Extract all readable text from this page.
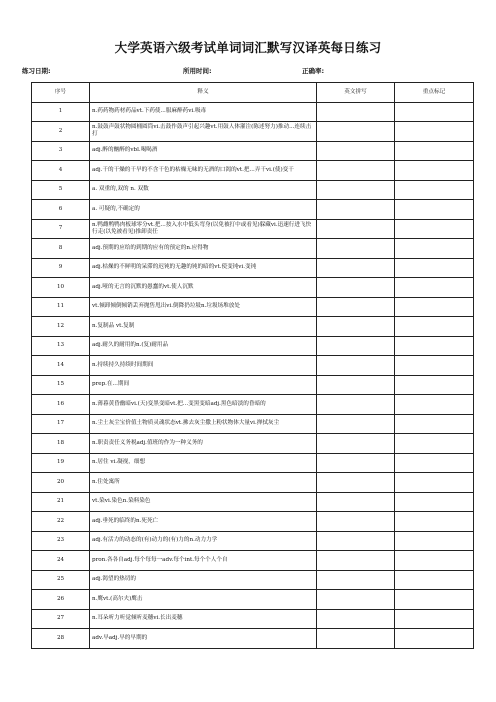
大学英语六级考试单词词汇默写汉译英每日练习
练习日期:	所用时间:	正确率:
序号	释义	英文拼写	重点标记
1	n.药药物药材药品vt.下药使...服麻醉药vi.吸毒		
2	n.鼓鼓声鼓状物圆桶圆筒vi.击鼓作鼓声引起兴趣vt.用鼓人体灌注(陈述努力)推动...连续击打		
3	adj.醉的酗醉的vbl.喝喝酒		
4	adj.干的干燥的干旱的不含干色的枯燥无味的无酒的口渴的vt.把...弄干vi.(使)变干		
5	a. 双重的,双的 n. 双数		
6	a. 可疑的,不确定的		
7	n.鸭雌鸭鸭肉板球零分vt.把...按入水中低头弯身(以免被打中或看见)躲藏vi.迅速行进飞快行走(以免被看见)推卸责任		
8	adj.预期的应给的到期的应有的预定的n.应得物		
9	adj.枯燥的不鲜明的呆滞的迟钝的无趣的钝的暗的vt.使变钝vi.变钝		
10	adj.哑的无言的沉默的愚蠢的vt.使人沉默		
11	vt.倾卸倾倒倾销丢弃抛售甩出vi.倒降扔垃圾n.垃圾场堆放处		
12	n.复制品 vt.复制		
13	adj.耐久的耐用的n.(复)耐用品		
14	n.持续持久持续时间期间		
15	prep.在...期间		
16	n.薄暮黄昏幽暗vi.(天)变黑变暗vt.把...变黑变暗adj.黑色暗淡的昏暗的		
17	n.尘土灰尘宝价值土物质灵魂状态vt.拂去灰尘撒上粉状物体大量vi.掸拭灰尘		
18	n.职责责任义务税adj.值班的作为一种义务的		
19	n.居住 vi.凝视，细想		
20	n.住处寓所		
21	vt.染vi.染色n.染料染色		
22	adj.垂死的临终的n.死死亡		
23	adj.有活力的动态的(有)动力的(有)力的n.动力力学		
24	pron.各各自adj.每个每每一adv.每个int.每个个人个自		
25	adj.渴望的热切的		
26	n.鹰vt.(高尔夫)鹰击		
27	n.耳朵听力听觉倾听麦穗vi.长出麦穗		
28	adv.早adj.早的早期的		
